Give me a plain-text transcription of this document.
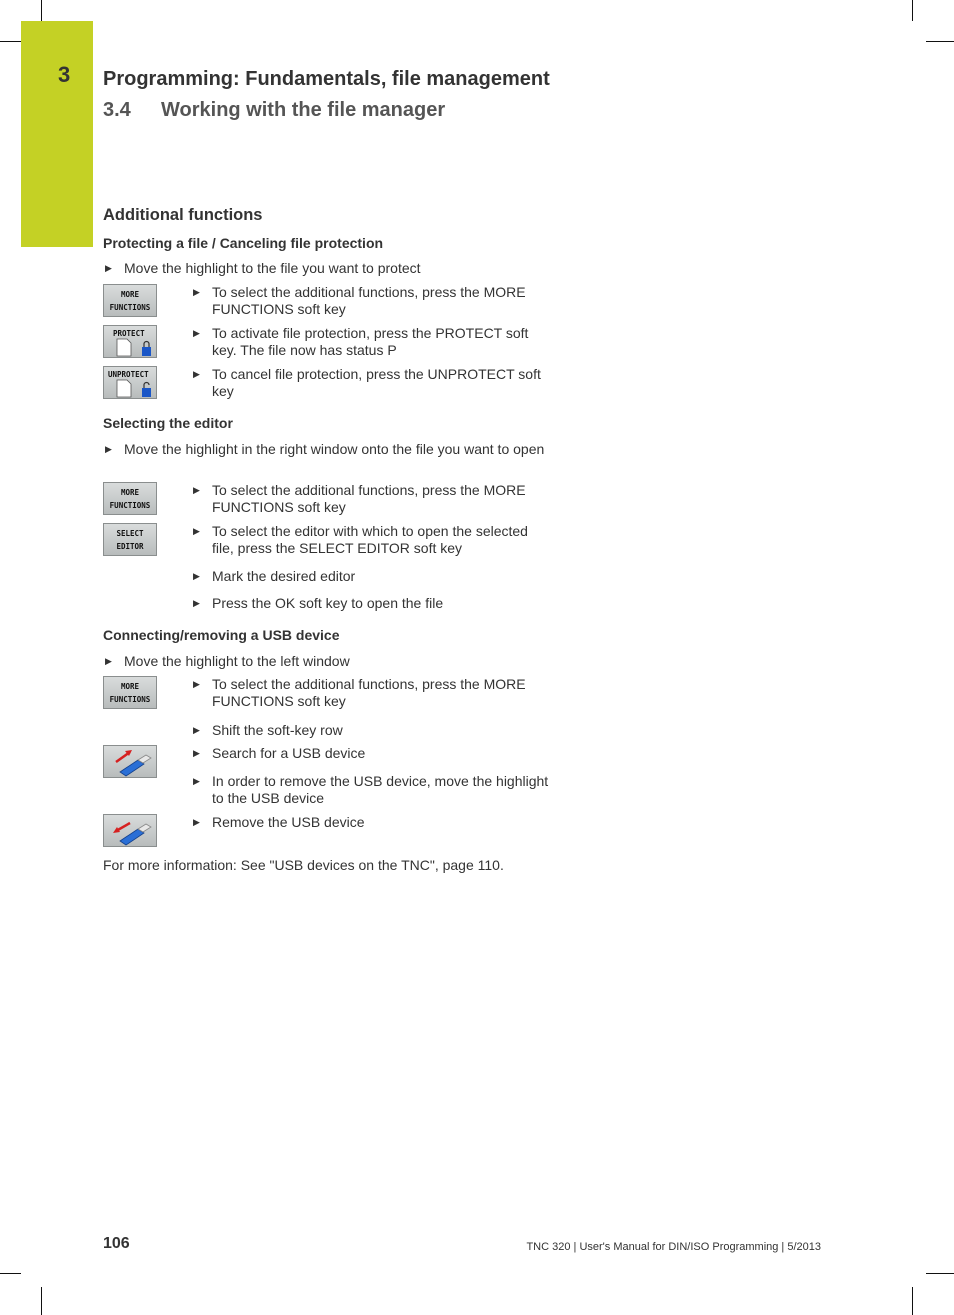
3 Programming: Fundamentals, file management
3.4 Working with the file manager
Additional functions
Protecting a file / Canceling file protection
▶ Move the highlight to the file you want to protect
MORE
FUNCTIONS
▶ To select the additional functions, press the MORE FUNCTIONS soft key
PROTECT	▶ To activate file protection, press the PROTECT soft key. The file now has status P
UNPROTECT	▶ To cancel file protection, press the UNPROTECT soft key
Selecting the editor
▶ Move the highlight in the right window onto the file you want to open
MORE
FUNCTIONS
▶ To select the additional functions, press the MORE FUNCTIONS soft key
SELECT
EDITOR
▶ To select the editor with which to open the selected file, press the SELECT EDITOR soft key
▶ Mark the desired editor
▶ Press the OK soft key to open the file
Connecting/removing a USB device
▶ Move the highlight to the left window
MORE
FUNCTIONS
▶ To select the additional functions, press the MORE FUNCTIONS soft key
▶ Shift the soft-key row
▶ Search for a USB device
▶ In order to remove the USB device, move the highlight to the USB device
▶ Remove the USB device
For more information: See "USB devices on the TNC", page 110.
106	TNC 320 | User's Manual for DIN/ISO Programming | 5/2013
